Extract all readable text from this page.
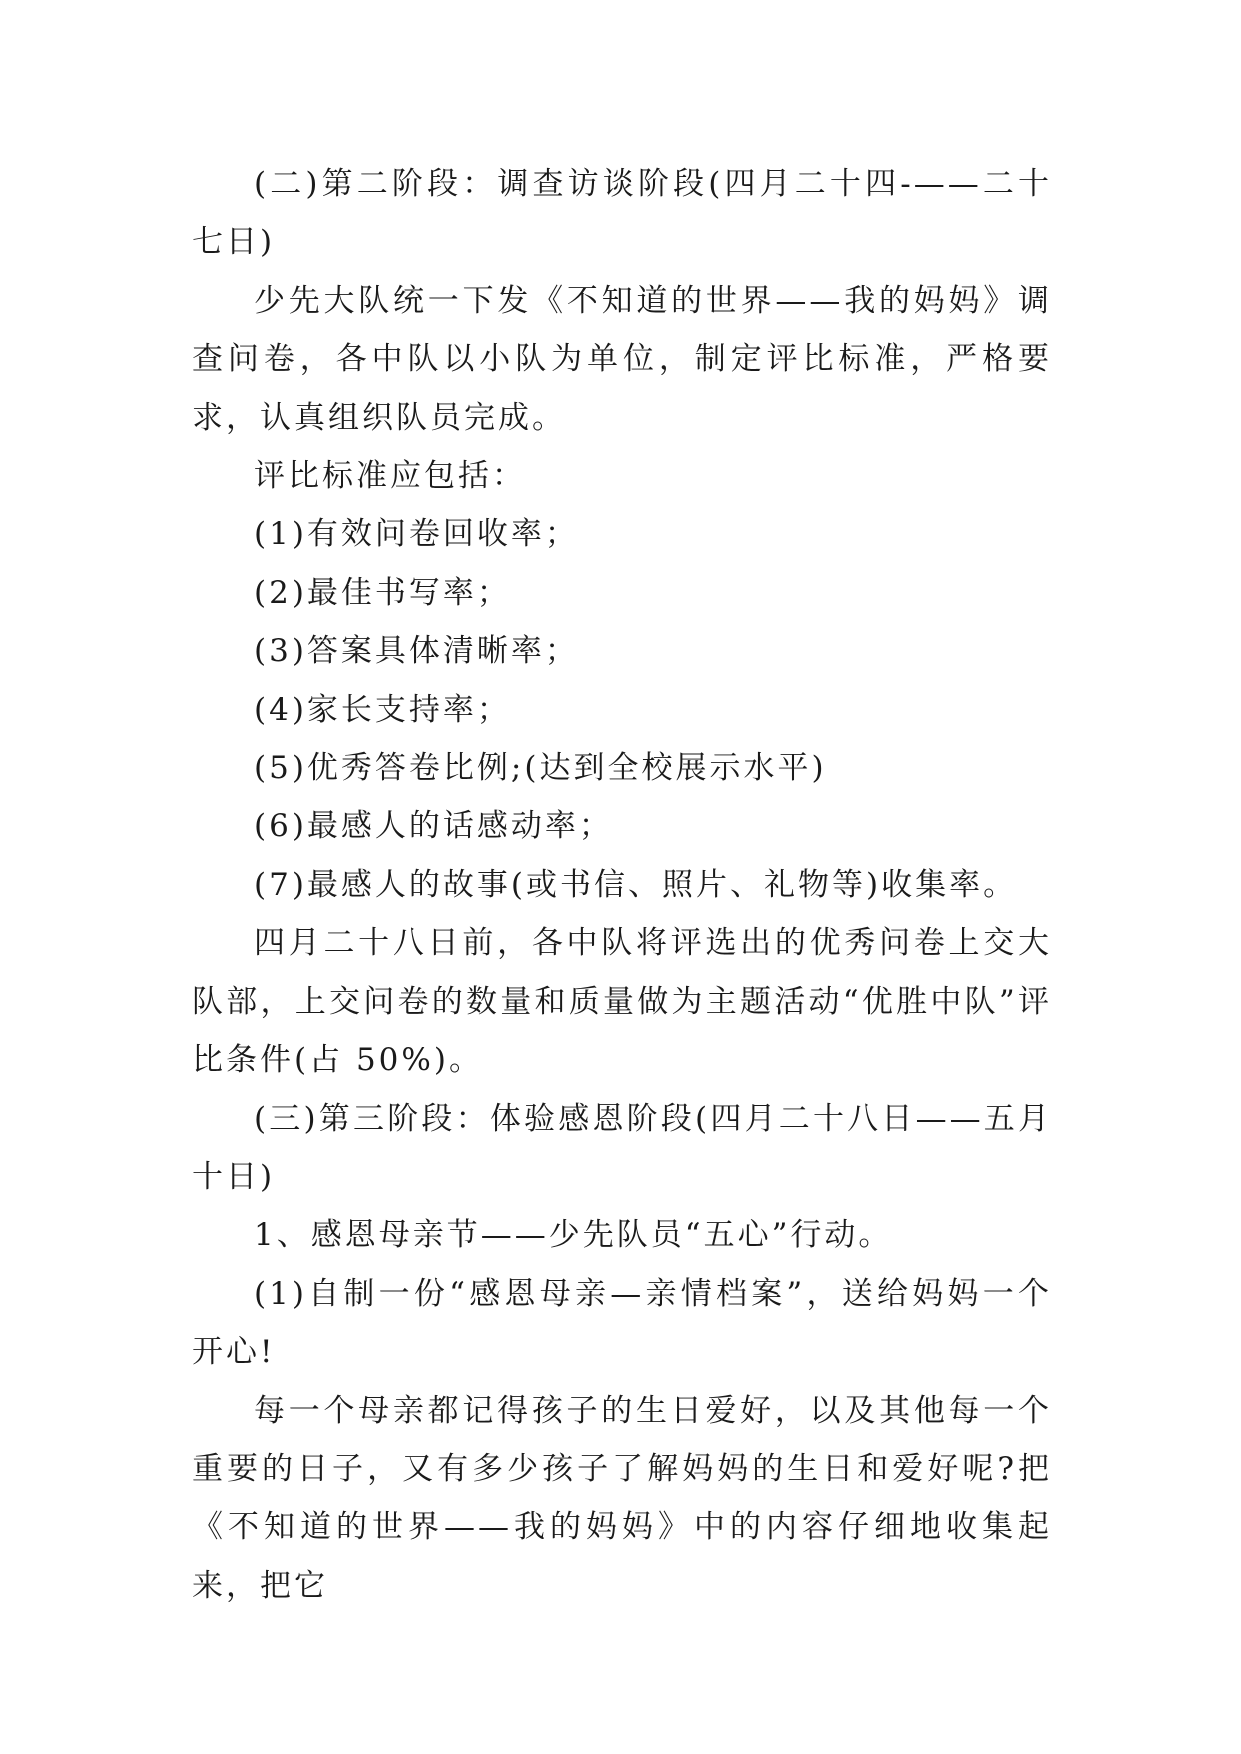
(二)第二阶段：调查访谈阶段(四月二十四-——二十七日)

少先大队统一下发《不知道的世界——我的妈妈》调查问卷，各中队以小队为单位，制定评比标准，严格要求，认真组织队员完成。

评比标准应包括：

(1)有效问卷回收率；

(2)最佳书写率；

(3)答案具体清晰率；

(4)家长支持率；

(5)优秀答卷比例;(达到全校展示水平)

(6)最感人的话感动率；

(7)最感人的故事(或书信、照片、礼物等)收集率。

四月二十八日前，各中队将评选出的优秀问卷上交大队部，上交问卷的数量和质量做为主题活动“优胜中队”评比条件(占 50%)。

(三)第三阶段：体验感恩阶段(四月二十八日——五月十日)

1、感恩母亲节——少先队员“五心”行动。

(1)自制一份“感恩母亲—亲情档案”，送给妈妈一个开心!

每一个母亲都记得孩子的生日爱好，以及其他每一个重要的日子，又有多少孩子了解妈妈的生日和爱好呢?把《不知道的世界——我的妈妈》中的内容仔细地收集起来，把它
